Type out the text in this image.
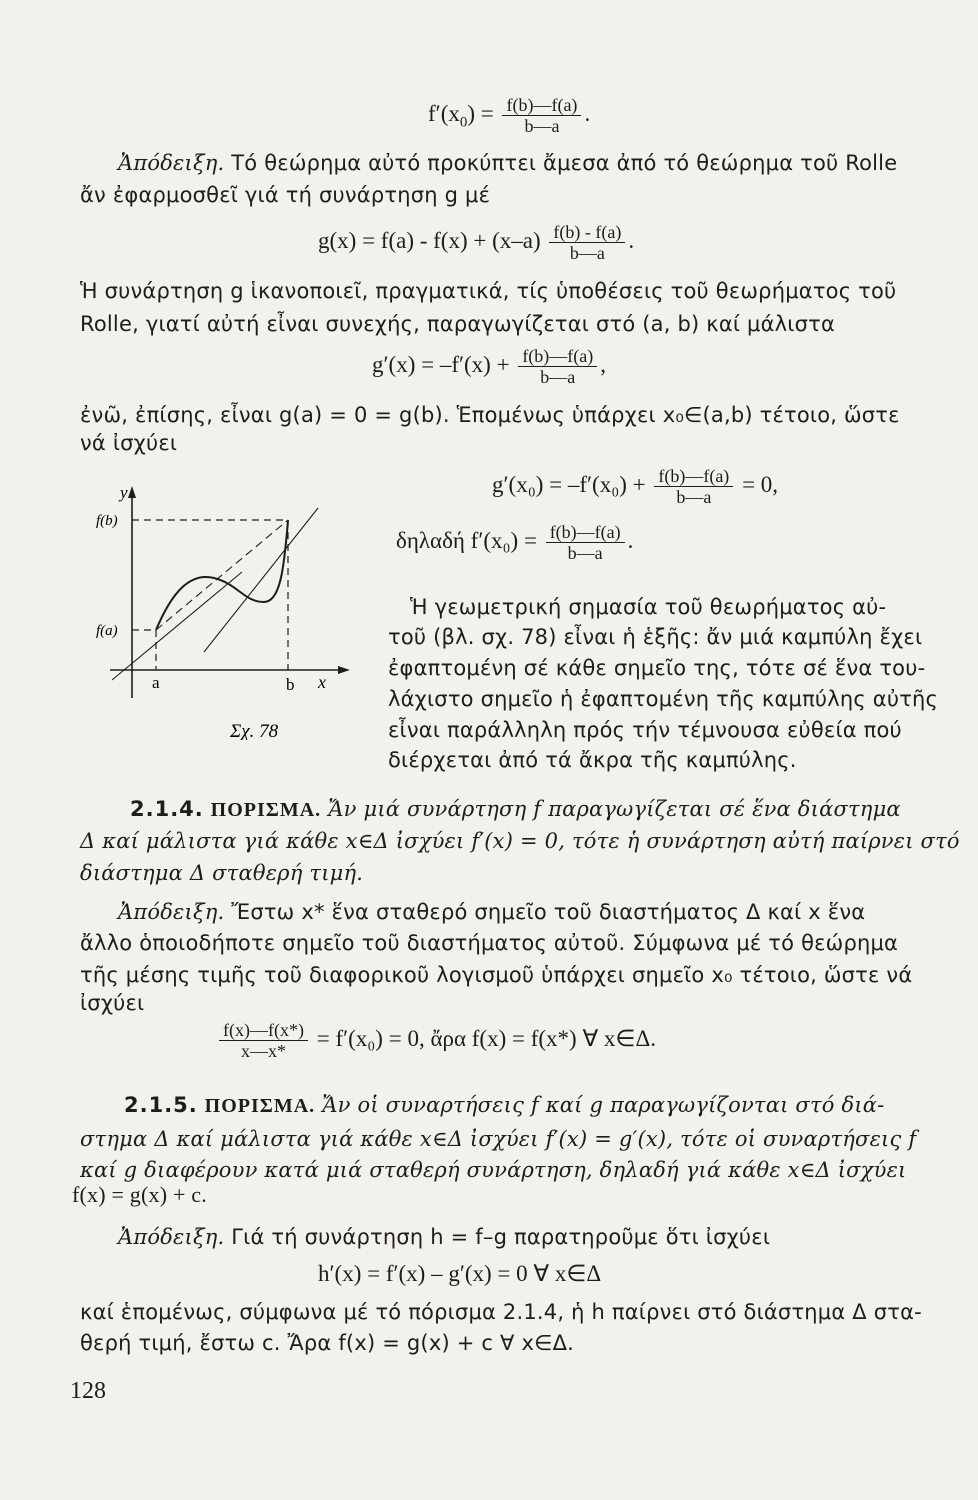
$f'(x_0) = \frac{f(b)—f(a)}{b—a}$ .
Ἀπόδειξη. Τό θεώρημα αὐτό προκύπτει ἄμεσα ἀπό τό θεώρημα τοῦ Rolle
ἄν ἐφαρμοσθεῖ γιά τή συνάρτηση g μέ
$g(x) = f(a) - f(x) + (x-a) \frac{f(b) - f(a)}{b—a}$ .
Ἡ συνάρτηση g ἱκανοποιεῖ, πραγματικά, τίς ὑποθέσεις τοῦ θεωρήματος τοῦ
Rolle, γιατί αὐτή εἶναι συνεχής, παραγωγίζεται στό (a, b) καί μάλιστα
$g'(x) = -f'(x) + \frac{f(b)—f(a)}{b—a}$ ,
ἐνῶ, ἐπίσης, εἶναι g(a) = 0 = g(b). Ἑπομένως ὑπάρχει x₀∈(a,b) τέτοιο, ὥστε
νά ἰσχύει
y
f(b)
f(a)
a	b x
Σχ. 78
$g'(x_0) = -f'(x_0) + \frac{f(b)—f(a)}{b—a} = 0$,
δηλαδή $f'(x_0) = \frac{f(b)—f(a)}{b—a}$ .
Ἡ γεωμετρική σημασία τοῦ θεωρήματος αὐ-
τοῦ (βλ. σχ. 78) εἶναι ἡ ἑξῆς: ἄν μιά καμπύλη ἔχει
ἐφαπτομένη σέ κάθε σημεῖο της, τότε σέ ἕνα του-
λάχιστο σημεῖο ἡ ἐφαπτομένη τῆς καμπύλης αὐτῆς
εἶναι παράλληλη πρός τήν τέμνουσα εὐθεία πού
διέρχεται ἀπό τά ἄκρα τῆς καμπύλης.
2.1.4. ΠΟΡΙΣΜΑ. Ἄν μιά συνάρτηση f παραγωγίζεται σέ ἕνα διάστημα
Δ καί μάλιστα γιά κάθε x∈Δ ἰσχύει f′(x) = 0, τότε ἡ συνάρτηση αὐτή παίρνει στό
διάστημα Δ σταθερή τιμή.
Ἀπόδειξη. Ἔστω x* ἕνα σταθερό σημεῖο τοῦ διαστήματος Δ καί x ἕνα
ἄλλο ὁποιοδήποτε σημεῖο τοῦ διαστήματος αὐτοῦ. Σύμφωνα μέ τό θεώρημα
τῆς μέσης τιμῆς τοῦ διαφορικοῦ λογισμοῦ ὑπάρχει σημεῖο x₀ τέτοιο, ὥστε νά
ἰσχύει
$\frac{f(x)—f(x*)}{x—x*} = f'(x_0) = 0$, ἄρα f(x) = f(x*) ∀ x∈Δ.
2.1.5. ΠΟΡΙΣΜΑ. Ἄν οἱ συναρτήσεις f καί g παραγωγίζονται στό διά-
στημα Δ καί μάλιστα γιά κάθε x∈Δ ἰσχύει f′(x) = g′(x), τότε οἱ συναρτήσεις f
καί g διαφέρουν κατά μιά σταθερή συνάρτηση, δηλαδή γιά κάθε x∈Δ ἰσχύει
f(x) = g(x) + c.
Ἀπόδειξη. Γιά τή συνάρτηση h = f–g παρατηροῦμε ὅτι ἰσχύει
h′(x) = f′(x) – g′(x) = 0 ∀ x∈Δ
καί ἑπομένως, σύμφωνα μέ τό πόρισμα 2.1.4, ἡ h παίρνει στό διάστημα Δ στα-
θερή τιμή, ἔστω c. Ἄρα f(x) = g(x) + c ∀ x∈Δ.
128
